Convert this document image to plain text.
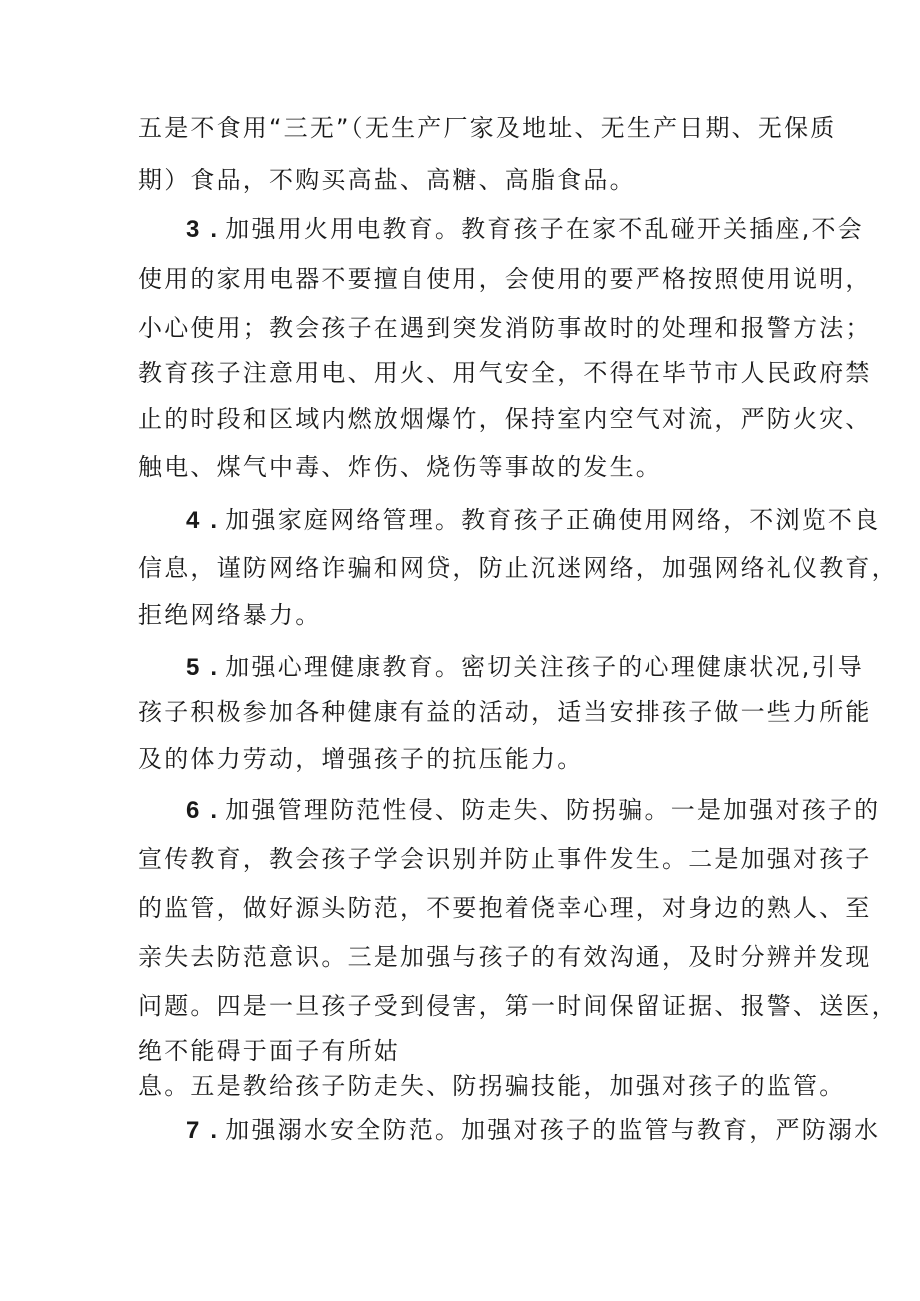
五是不食用“三无”（无生产厂家及地址、无生产日期、无保质
期）食品，不购买高盐、高糖、高脂食品。
3 . 加强用火用电教育。教育孩子在家不乱碰开关插座,不会
使用的家用电器不要擅自使用，会使用的要严格按照使用说明，
小心使用；教会孩子在遇到突发消防事故时的处理和报警方法；
教育孩子注意用电、用火、用气安全，不得在毕节市人民政府禁
止的时段和区域内燃放烟爆竹，保持室内空气对流，严防火灾、
触电、煤气中毒、炸伤、烧伤等事故的发生。
4 . 加强家庭网络管理。教育孩子正确使用网络，不浏览不良
信息，谨防网络诈骗和网贷，防止沉迷网络，加强网络礼仪教育，
拒绝网络暴力。
5 . 加强心理健康教育。密切关注孩子的心理健康状况,引导
孩子积极参加各种健康有益的活动，适当安排孩子做一些力所能
及的体力劳动，增强孩子的抗压能力。
6 . 加强管理防范性侵、防走失、防拐骗。一是加强对孩子的
宣传教育，教会孩子学会识别并防止事件发生。二是加强对孩子
的监管，做好源头防范，不要抱着侥幸心理，对身边的熟人、至
亲失去防范意识。三是加强与孩子的有效沟通，及时分辨并发现
问题。四是一旦孩子受到侵害，第一时间保留证据、报警、送医，
绝不能碍于面子有所姑
息。五是教给孩子防走失、防拐骗技能，加强对孩子的监管。
7 . 加强溺水安全防范。加强对孩子的监管与教育，严防溺水
